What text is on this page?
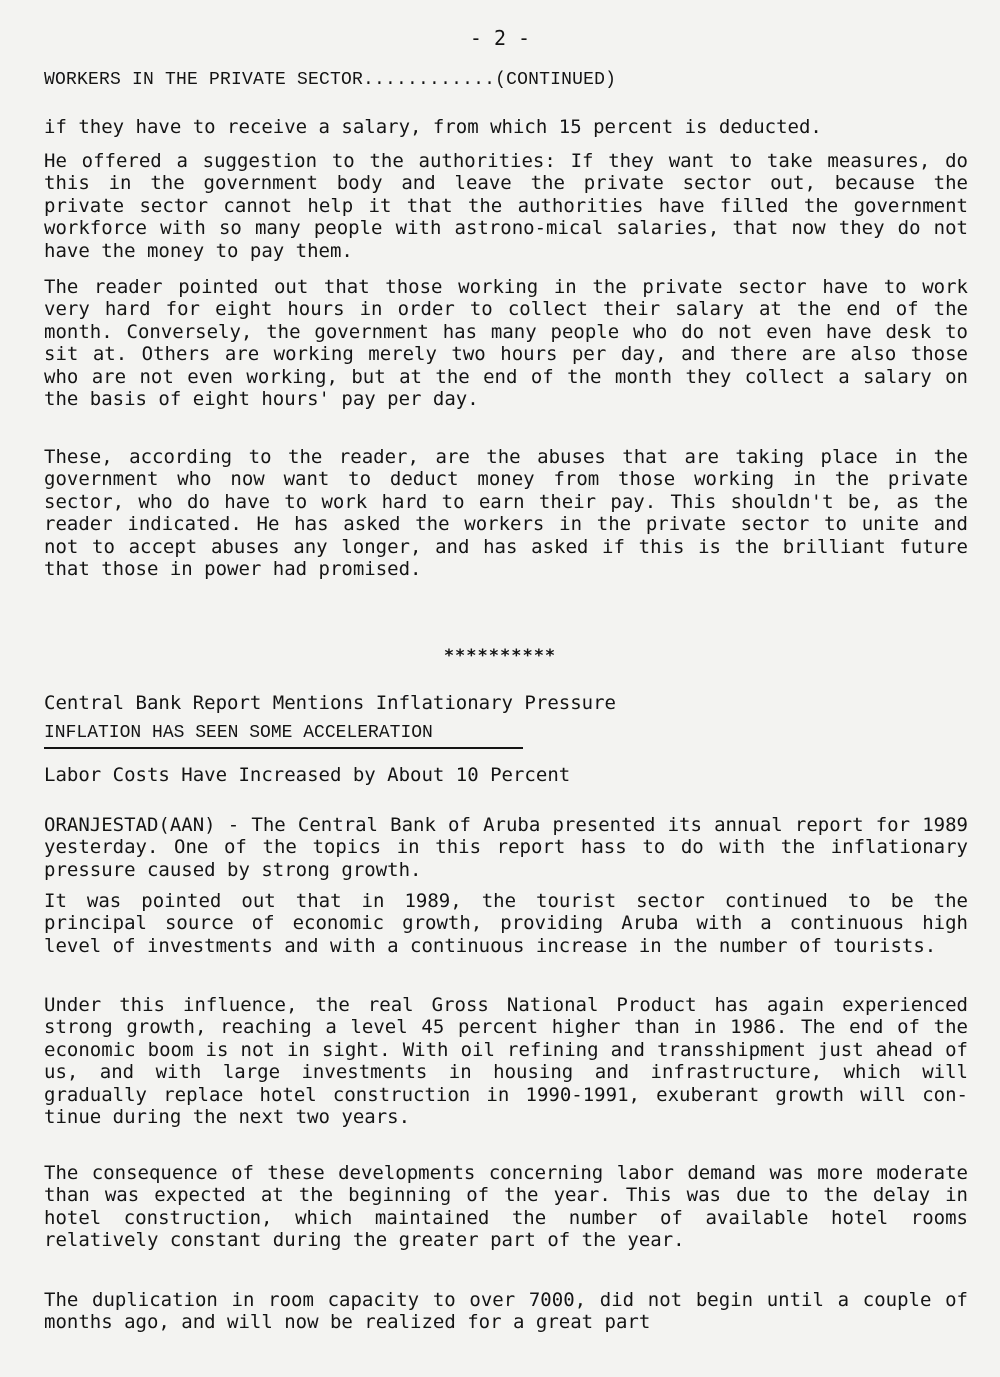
- 2 -
WORKERS IN THE PRIVATE SECTOR............(CONTINUED)

if they have to receive a salary, from which 15 percent is deducted.

He offered a suggestion to the authorities: If they want to take measures, do this in the government body and leave the private sector out, because the private sector cannot help it that the authorities have filled the government workforce with so many people with astrono-mical salaries, that now they do not have the money to pay them.

The reader pointed out that those working in the private sector have to work very hard for eight hours in order to collect their salary at the end of the month. Conversely, the government has many people who do not even have desk to sit at. Others are working merely two hours per day, and there are also those who are not even working, but at the end of the month they collect a salary on the basis of eight hours' pay per day.

These, according to the reader, are the abuses that are taking place in the government who now want to deduct money from those working in the private sector, who do have to work hard to earn their pay. This shouldn't be, as the reader indicated. He has asked the workers in the private sector to unite and not to accept abuses any longer, and has asked if this is the brilliant future that those in power had promised.

**********

Central Bank Report Mentions Inflationary Pressure

INFLATION HAS SEEN SOME ACCELERATION

Labor Costs Have Increased by About 10 Percent

ORANJESTAD(AAN) - The Central Bank of Aruba presented its annual report for 1989 yesterday. One of the topics in this report hass to do with the inflationary pressure caused by strong growth.

It was pointed out that in 1989, the tourist sector continued to be the principal source of economic growth, providing Aruba with a continuous high level of investments and with a continuous increase in the number of tourists.

Under this influence, the real Gross National Product has again experienced strong growth, reaching a level 45 percent higher than in 1986. The end of the economic boom is not in sight. With oil refining and transshipment just ahead of us, and with large investments in housing and infrastructure, which will gradually replace hotel construction in 1990-1991, exuberant growth will con-tinue during the next two years.

The consequence of these developments concerning labor demand was more moderate than was expected at the beginning of the year. This was due to the delay in hotel construction, which maintained the number of available hotel rooms relatively constant during the greater part of the year.

The duplication in room capacity to over 7000, did not begin until a couple of months ago, and will now be realized for a great part
